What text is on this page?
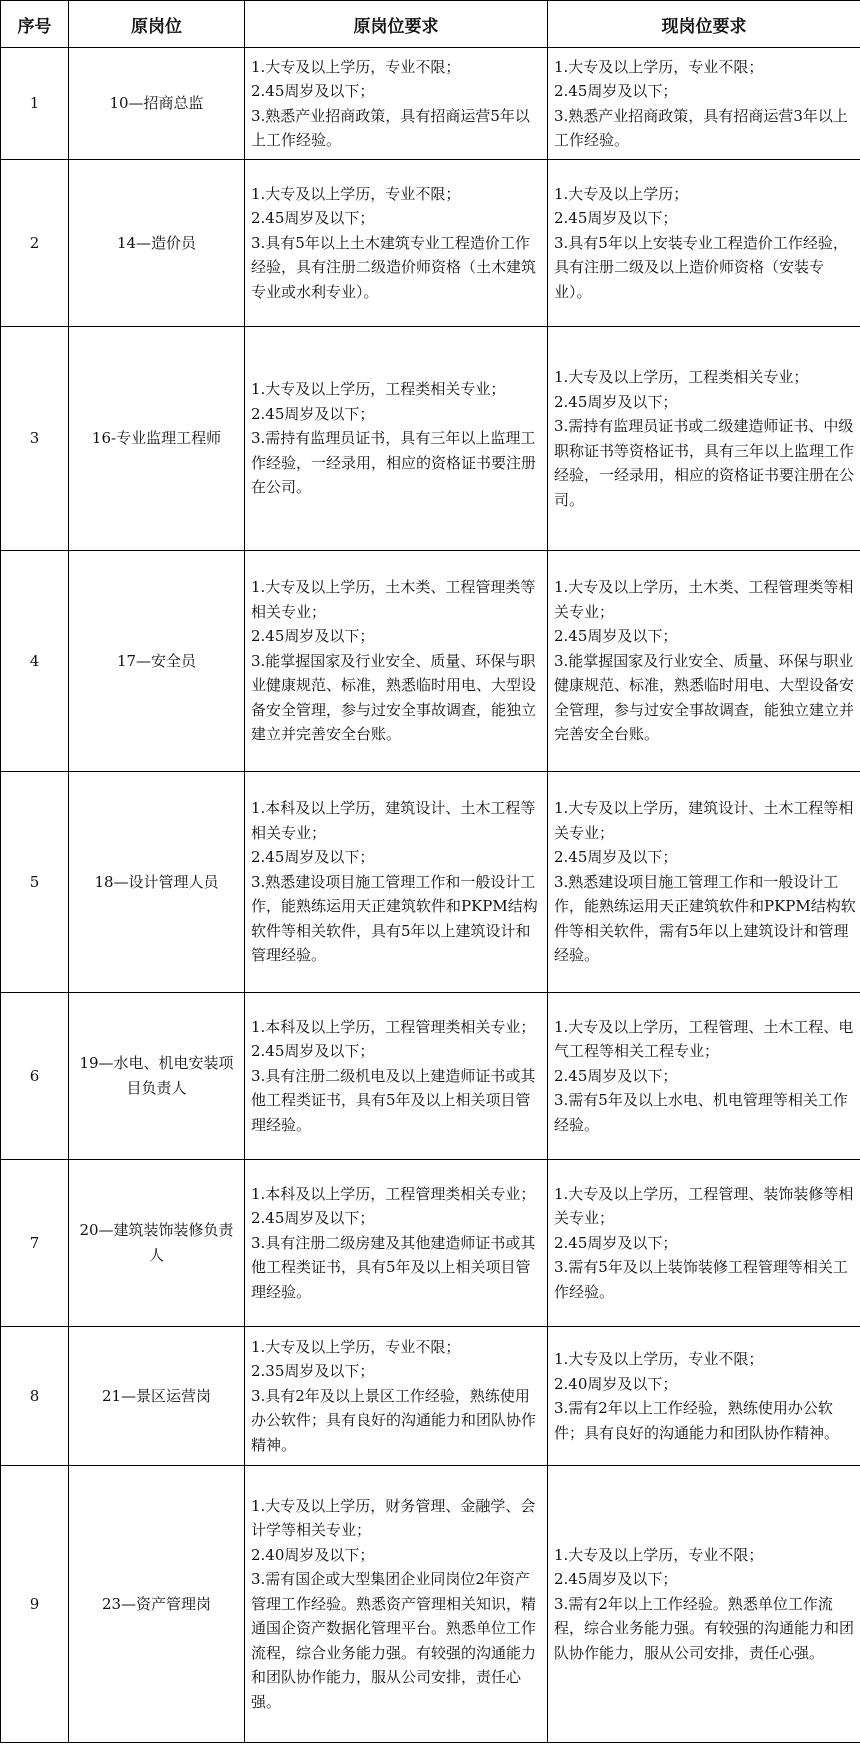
序号	原岗位	原岗位要求	现岗位要求
1	10—招商总监	1.大专及以上学历，专业不限；
2.45周岁及以下；
3.熟悉产业招商政策，具有招商运营5年以上工作经验。	1.大专及以上学历，专业不限；
2.45周岁及以下；
3.熟悉产业招商政策，具有招商运营3年以上工作经验。
2	14—造价员	1.大专及以上学历，专业不限；
2.45周岁及以下；
3.具有5年以上土木建筑专业工程造价工作经验，具有注册二级造价师资格（土木建筑专业或水利专业）。	1.大专及以上学历；
2.45周岁及以下；
3.具有5年以上安装专业工程造价工作经验，具有注册二级及以上造价师资格（安装专业）。
3	16-专业监理工程师	1.大专及以上学历，工程类相关专业；
2.45周岁及以下；
3.需持有监理员证书，具有三年以上监理工作经验，一经录用，相应的资格证书要注册在公司。	1.大专及以上学历，工程类相关专业；
2.45周岁及以下；
3.需持有监理员证书或二级建造师证书、中级职称证书等资格证书，具有三年以上监理工作经验，一经录用，相应的资格证书要注册在公司。
4	17—安全员	1.大专及以上学历，土木类、工程管理类等相关专业；
2.45周岁及以下；
3.能掌握国家及行业安全、质量、环保与职业健康规范、标准，熟悉临时用电、大型设备安全管理，参与过安全事故调查，能独立建立并完善安全台账。	1.大专及以上学历，土木类、工程管理类等相关专业；
2.45周岁及以下；
3.能掌握国家及行业安全、质量、环保与职业健康规范、标准，熟悉临时用电、大型设备安全管理，参与过安全事故调查，能独立建立并完善安全台账。
5	18—设计管理人员	1.本科及以上学历，建筑设计、土木工程等相关专业；
2.45周岁及以下；
3.熟悉建设项目施工管理工作和一般设计工作，能熟练运用天正建筑软件和PKPM结构软件等相关软件，具有5年以上建筑设计和管理经验。	1.大专及以上学历，建筑设计、土木工程等相关专业；
2.45周岁及以下；
3.熟悉建设项目施工管理工作和一般设计工作，能熟练运用天正建筑软件和PKPM结构软件等相关软件，需有5年以上建筑设计和管理经验。
6	19—水电、机电安装项目负责人	1.本科及以上学历，工程管理类相关专业；
2.45周岁及以下；
3.具有注册二级机电及以上建造师证书或其他工程类证书，具有5年及以上相关项目管理经验。	1.大专及以上学历，工程管理、土木工程、电气工程等相关工程专业；
2.45周岁及以下；
3.需有5年及以上水电、机电管理等相关工作经验。
7	20—建筑装饰装修负责人	1.本科及以上学历，工程管理类相关专业；
2.45周岁及以下；
3.具有注册二级房建及其他建造师证书或其他工程类证书，具有5年及以上相关项目管理经验。	1.大专及以上学历，工程管理、装饰装修等相关专业；
2.45周岁及以下；
3.需有5年及以上装饰装修工程管理等相关工作经验。
8	21—景区运营岗	1.大专及以上学历，专业不限；
2.35周岁及以下；
3.具有2年及以上景区工作经验，熟练使用办公软件；具有良好的沟通能力和团队协作精神。	1.大专及以上学历，专业不限；
2.40周岁及以下；
3.需有2年以上工作经验，熟练使用办公软件；具有良好的沟通能力和团队协作精神。
9	23—资产管理岗	1.大专及以上学历，财务管理、金融学、会计学等相关专业；
2.40周岁及以下；
3.需有国企或大型集团企业同岗位2年资产管理工作经验。熟悉资产管理相关知识，精通国企资产数据化管理平台。熟悉单位工作流程，综合业务能力强。有较强的沟通能力和团队协作能力，服从公司安排，责任心强。	1.大专及以上学历，专业不限；
2.45周岁及以下；
3.需有2年以上工作经验。熟悉单位工作流程，综合业务能力强。有较强的沟通能力和团队协作能力，服从公司安排，责任心强。
